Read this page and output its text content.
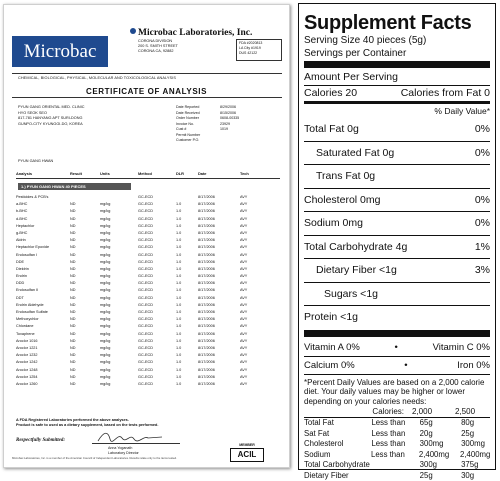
Microbac
Microbac Laboratories, Inc.
CORONA DIVISION
200 S. SMITH STREET
CORONA CA, 92882
FDA #2020813
LA City #1919
DUS 42122
CHEMICAL, BIOLOGICAL, PHYSICAL, MOLECULAR AND TOXICOLOGICAL ANALYSIS
CERTIFICATE OF ANALYSIS
PYUN GANG ORIENTAL MED. CLINIC
HYO SEOK SEO
817-781 HANYANG APT SURI-DONG
GUNPO-CITY KYUNGGI-DO, KOREA
Date Reported	8/29/2006
Date Received	8/15/2006
Order Number	0608-00335
Invoice No.	23929
Cust #	1019
Permit Number
Customer P.O.
PYUN GANG HWAN
Analysis	Result	Units	Method	DLR	Date	Tech
1.) PYUN GANG HWAN 40 PIECES
Pesticides & PCB's	GC-ECD	8/17/2006	AVY
a-BHC	ND	mg/kg	GC-ECD	1.0	8/17/2006	AVY
b-BHC	ND	mg/kg	GC-ECD	1.0	8/17/2006	AVY
d-BHC	ND	mg/kg	GC-ECD	1.0	8/17/2006	AVY
Heptachlor	ND	mg/kg	GC-ECD	1.0	8/17/2006	AVY
g-BHC	ND	mg/kg	GC-ECD	1.0	8/17/2006	AVY
Aldrin	ND	mg/kg	GC-ECD	1.0	8/17/2006	AVY
Heptachlor Epoxide	ND	mg/kg	GC-ECD	1.0	8/17/2006	AVY
Endosulfan I	ND	mg/kg	GC-ECD	1.0	8/17/2006	AVY
DDE	ND	mg/kg	GC-ECD	1.0	8/17/2006	AVY
Dieldrin	ND	mg/kg	GC-ECD	1.0	8/17/2006	AVY
Endrin	ND	mg/kg	GC-ECD	1.0	8/17/2006	AVY
DDD	ND	mg/kg	GC-ECD	1.0	8/17/2006	AVY
Endosulfan II	ND	mg/kg	GC-ECD	1.0	8/17/2006	AVY
DDT	ND	mg/kg	GC-ECD	1.0	8/17/2006	AVY
Endrin Aldehyde	ND	mg/kg	GC-ECD	1.0	8/17/2006	AVY
Endosulfan Sulfate	ND	mg/kg	GC-ECD	1.0	8/17/2006	AVY
Methoxychlor	ND	mg/kg	GC-ECD	1.0	8/17/2006	AVY
Chlordane	ND	mg/kg	GC-ECD	1.0	8/17/2006	AVY
Toxaphene	ND	mg/kg	GC-ECD	1.0	8/17/2006	AVY
Aroclor 1016	ND	mg/kg	GC-ECD	1.0	8/17/2006	AVY
Aroclor 1221	ND	mg/kg	GC-ECD	1.0	8/17/2006	AVY
Aroclor 1232	ND	mg/kg	GC-ECD	1.0	8/17/2006	AVY
Aroclor 1242	ND	mg/kg	GC-ECD	1.0	8/17/2006	AVY
Aroclor 1248	ND	mg/kg	GC-ECD	1.0	8/17/2006	AVY
Aroclor 1254	ND	mg/kg	GC-ECD	1.0	8/17/2006	AVY
Aroclor 1260	ND	mg/kg	GC-ECD	1.0	8/17/2006	AVY
A FDA Registered Laboratories performed the above analyses.
Product is safe to used as a dietary supplement, based on the tests performed.
Respectfully Submitted:
Anna Yoganath
Laboratory Director
Microbac Laboratories, Inc. is a member of the American Council of Independent Laboratories. Results relate only to the items tested.
MEMBER
ACIL
Supplement Facts
Serving Size 40 pieces (5g)
Servings per Container
Amount Per Serving
Calories 20	Calories from Fat 0
% Daily Value*
Total Fat 0g	0%
Saturated Fat 0g	0%
Trans Fat 0g
Cholesterol 0mg	0%
Sodium 0mg	0%
Total Carbohydrate 4g	1%
Dietary Fiber <1g	3%
Sugars <1g
Protein <1g
Vitamin A 0%	•	Vitamin C 0%
Calcium 0%	•	Iron 0%
*Percent Daily Values are based on a 2,000 calorie diet. Your daily values may be higher or lower depending on your calories needs:
Calories:	2,000	2,500
Total Fat	Less than	65g	80g
Sat Fat	Less than	20g	25g
Cholesterol	Less than	300mg	300mg
Sodium	Less than	2,400mg	2,400mg
Total Carbohydrate	300g	375g
Dietary Fiber	25g	30g
